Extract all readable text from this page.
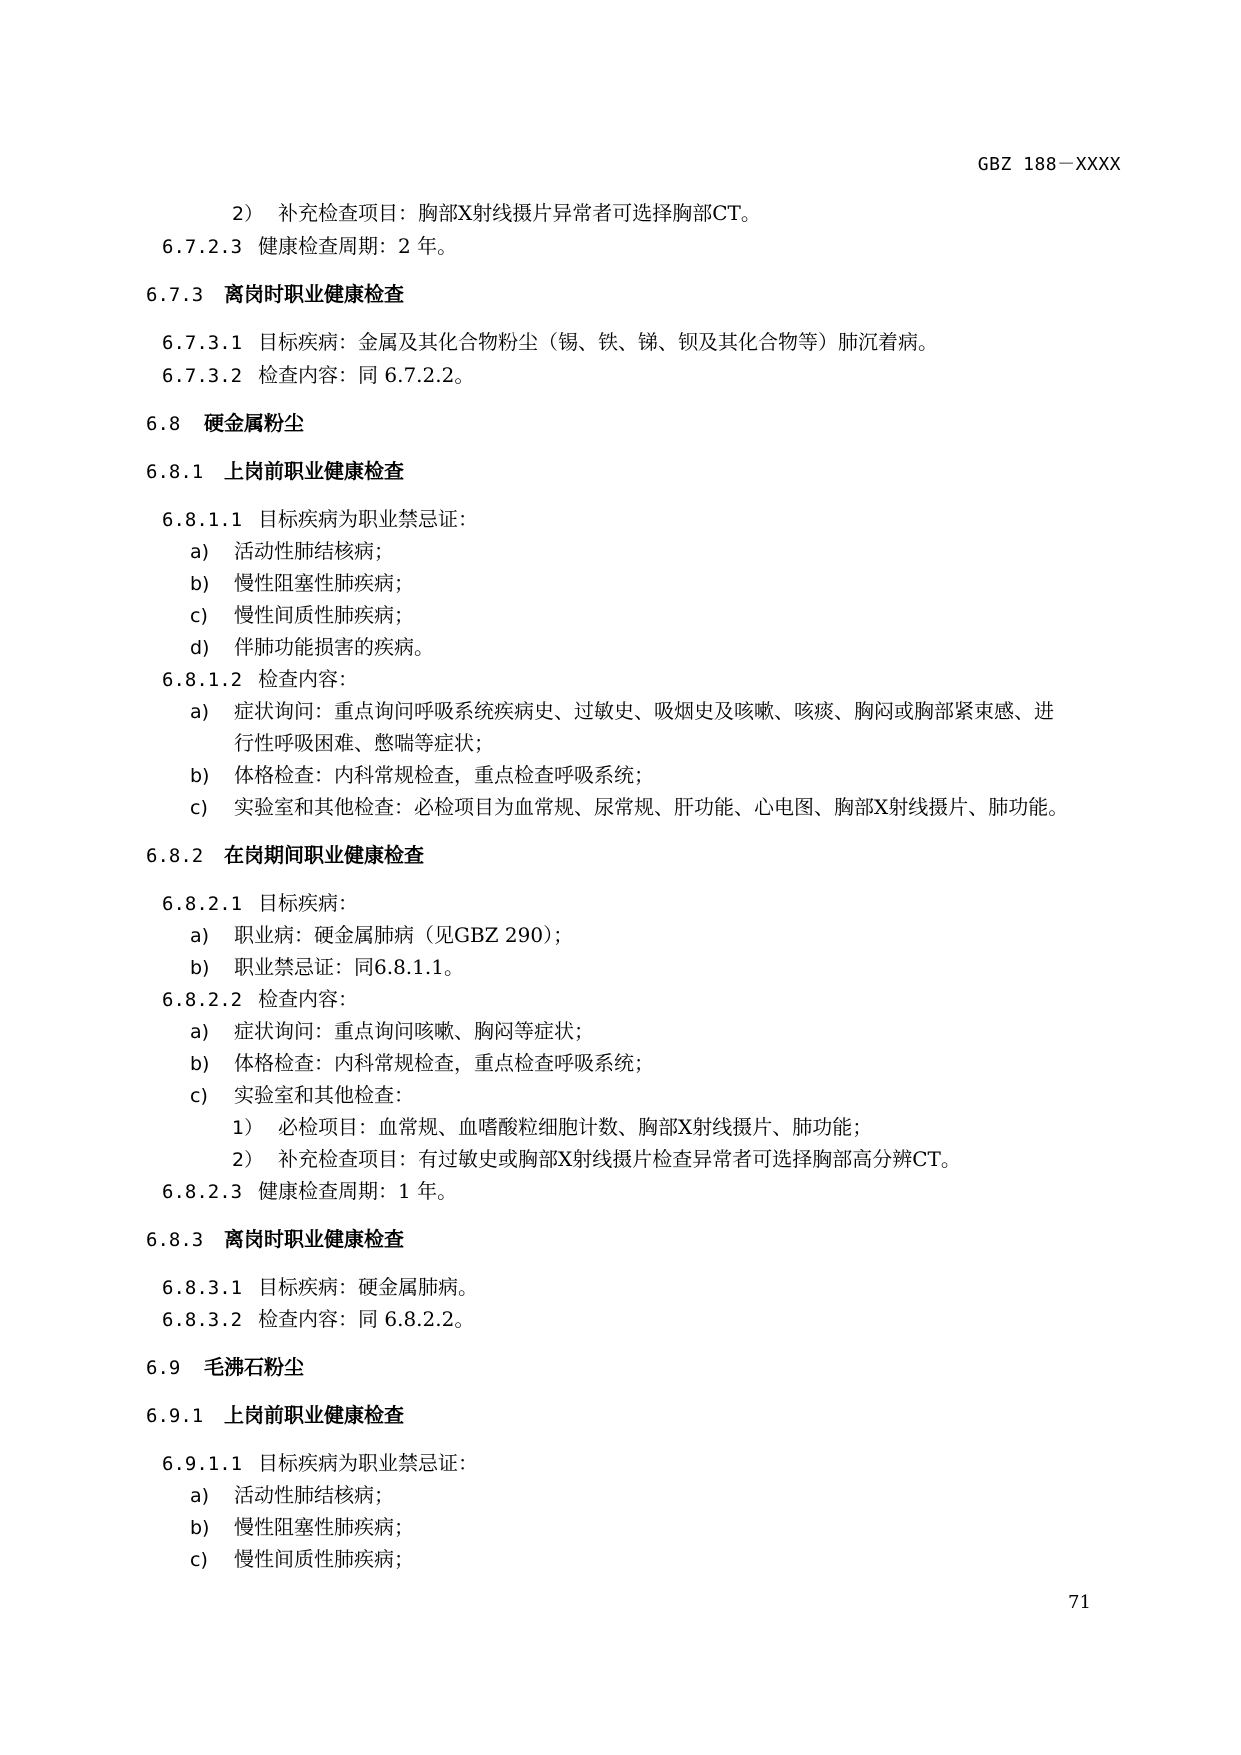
GBZ 188－XXXX
2） 补充检查项目：胸部X射线摄片异常者可选择胸部CT。
6.7.2.3 健康检查周期：2 年。
6.7.3 离岗时职业健康检查
6.7.3.1 目标疾病：金属及其化合物粉尘（锡、铁、锑、钡及其化合物等）肺沉着病。
6.7.3.2 检查内容：同 6.7.2.2。
6.8 硬金属粉尘
6.8.1 上岗前职业健康检查
6.8.1.1 目标疾病为职业禁忌证：
a) 活动性肺结核病；
b) 慢性阻塞性肺疾病；
c) 慢性间质性肺疾病；
d) 伴肺功能损害的疾病。
6.8.1.2 检查内容：
a) 症状询问：重点询问呼吸系统疾病史、过敏史、吸烟史及咳嗽、咳痰、胸闷或胸部紧束感、进
行性呼吸困难、憋喘等症状；
b) 体格检查：内科常规检查，重点检查呼吸系统；
c) 实验室和其他检查：必检项目为血常规、尿常规、肝功能、心电图、胸部X射线摄片、肺功能。
6.8.2 在岗期间职业健康检查
6.8.2.1 目标疾病：
a) 职业病：硬金属肺病（见GBZ 290）；
b) 职业禁忌证：同6.8.1.1。
6.8.2.2 检查内容：
a) 症状询问：重点询问咳嗽、胸闷等症状；
b) 体格检查：内科常规检查，重点检查呼吸系统；
c) 实验室和其他检查：
1） 必检项目：血常规、血嗜酸粒细胞计数、胸部X射线摄片、肺功能；
2） 补充检查项目：有过敏史或胸部X射线摄片检查异常者可选择胸部高分辨CT。
6.8.2.3 健康检查周期：1 年。
6.8.3 离岗时职业健康检查
6.8.3.1 目标疾病：硬金属肺病。
6.8.3.2 检查内容：同 6.8.2.2。
6.9 毛沸石粉尘
6.9.1 上岗前职业健康检查
6.9.1.1 目标疾病为职业禁忌证：
a) 活动性肺结核病；
b) 慢性阻塞性肺疾病；
c) 慢性间质性肺疾病；
71
